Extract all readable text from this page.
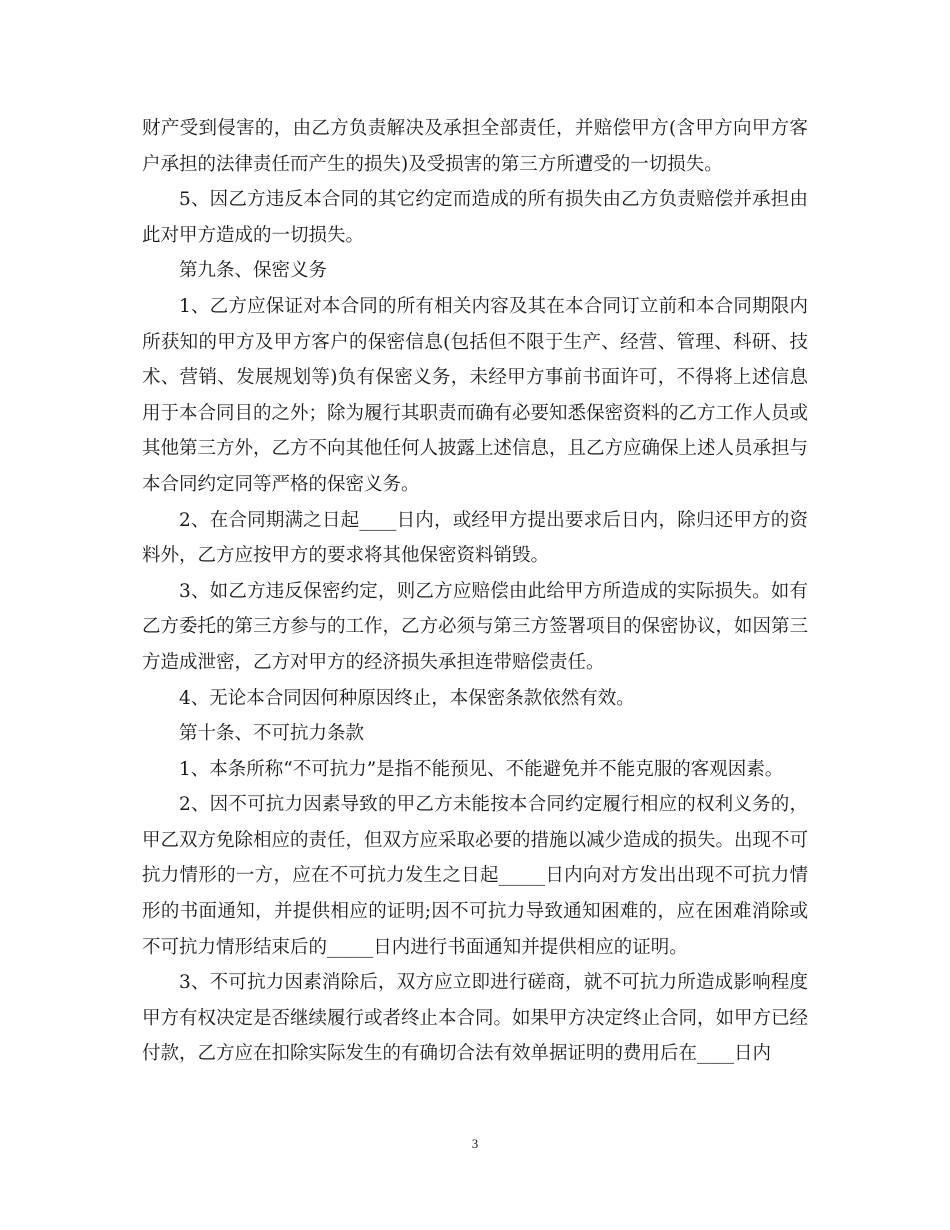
财产受到侵害的，由乙方负责解决及承担全部责任，并赔偿甲方(含甲方向甲方客户承担的法律责任而产生的损失)及受损害的第三方所遭受的一切损失。

5、因乙方违反本合同的其它约定而造成的所有损失由乙方负责赔偿并承担由此对甲方造成的一切损失。

第九条、保密义务

1、乙方应保证对本合同的所有相关内容及其在本合同订立前和本合同期限内所获知的甲方及甲方客户的保密信息(包括但不限于生产、经营、管理、科研、技术、营销、发展规划等)负有保密义务，未经甲方事前书面许可，不得将上述信息用于本合同目的之外；除为履行其职责而确有必要知悉保密资料的乙方工作人员或其他第三方外，乙方不向其他任何人披露上述信息，且乙方应确保上述人员承担与本合同约定同等严格的保密义务。

2、在合同期满之日起____日内，或经甲方提出要求后日内，除归还甲方的资料外，乙方应按甲方的要求将其他保密资料销毁。

3、如乙方违反保密约定，则乙方应赔偿由此给甲方所造成的实际损失。如有乙方委托的第三方参与的工作，乙方必须与第三方签署项目的保密协议，如因第三方造成泄密，乙方对甲方的经济损失承担连带赔偿责任。

4、无论本合同因何种原因终止，本保密条款依然有效。

第十条、不可抗力条款

1、本条所称“不可抗力”是指不能预见、不能避免并不能克服的客观因素。

2、因不可抗力因素导致的甲乙方未能按本合同约定履行相应的权利义务的，甲乙双方免除相应的责任，但双方应采取必要的措施以减少造成的损失。出现不可抗力情形的一方，应在不可抗力发生之日起_____日内向对方发出出现不可抗力情形的书面通知，并提供相应的证明;因不可抗力导致通知困难的，应在困难消除或不可抗力情形结束后的_____日内进行书面通知并提供相应的证明。

3、不可抗力因素消除后，双方应立即进行磋商，就不可抗力所造成影响程度甲方有权决定是否继续履行或者终止本合同。如果甲方决定终止合同，如甲方已经付款，乙方应在扣除实际发生的有确切合法有效单据证明的费用后在____日内

3
